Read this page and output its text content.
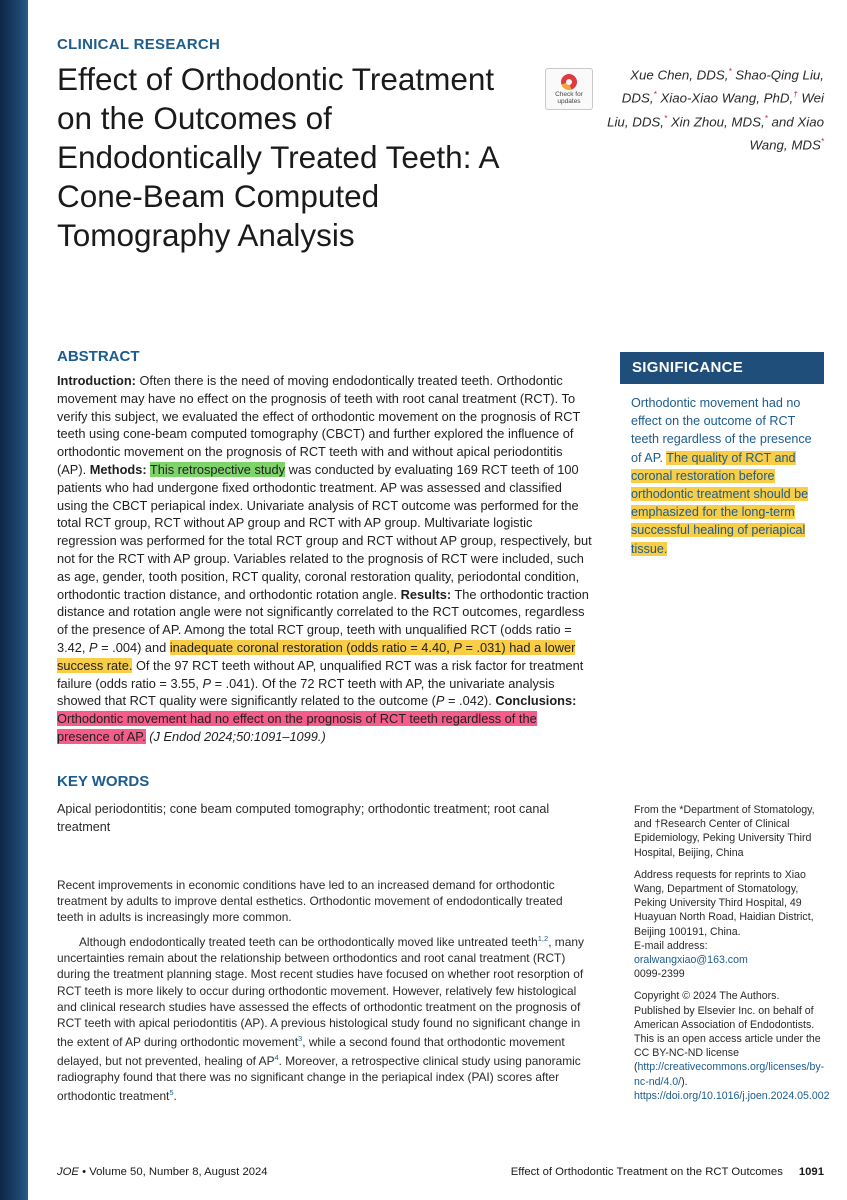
CLINICAL RESEARCH
Effect of Orthodontic Treatment on the Outcomes of Endodontically Treated Teeth: A Cone-Beam Computed Tomography Analysis
Check for
updates
Xue Chen, DDS,* Shao-Qing Liu, DDS,* Xiao-Xiao Wang, PhD,† Wei Liu, DDS,* Xin Zhou, MDS,* and Xiao Wang, MDS*
ABSTRACT

Introduction: Often there is the need of moving endodontically treated teeth. Orthodontic movement may have no effect on the prognosis of teeth with root canal treatment (RCT). To verify this subject, we evaluated the effect of orthodontic movement on the prognosis of RCT teeth using cone-beam computed tomography (CBCT) and further explored the influence of orthodontic movement on the prognosis of RCT teeth with and without apical periodontitis (AP). Methods: This retrospective study was conducted by evaluating 169 RCT teeth of 100 patients who had undergone fixed orthodontic treatment. AP was assessed and classified using the CBCT periapical index. Univariate analysis of RCT outcome was performed for the total RCT group, RCT without AP group and RCT with AP group. Multivariate logistic regression was performed for the total RCT group and RCT without AP group, respectively, but not for the RCT with AP group. Variables related to the prognosis of RCT were included, such as age, gender, tooth position, RCT quality, coronal restoration quality, periodontal condition, orthodontic traction distance, and orthodontic rotation angle. Results: The orthodontic traction distance and rotation angle were not significantly correlated to the RCT outcomes, regardless of the presence of AP. Among the total RCT group, teeth with unqualified RCT (odds ratio = 3.42, P = .004) and inadequate coronal restoration (odds ratio = 4.40, P = .031) had a lower success rate. Of the 97 RCT teeth without AP, unqualified RCT was a risk factor for treatment failure (odds ratio = 3.55, P = .041). Of the 72 RCT teeth with AP, the univariate analysis showed that RCT quality were significantly related to the outcome (P = .042). Conclusions: Orthodontic movement had no effect on the prognosis of RCT teeth regardless of the presence of AP. (J Endod 2024;50:1091–1099.)

SIGNIFICANCE

Orthodontic movement had no effect on the outcome of RCT teeth regardless of the presence of AP. The quality of RCT and coronal restoration before orthodontic treatment should be emphasized for the long-term successful healing of periapical tissue.

KEY WORDS

Apical periodontitis; cone beam computed tomography; orthodontic treatment; root canal treatment

Recent improvements in economic conditions have led to an increased demand for orthodontic treatment by adults to improve dental esthetics. Orthodontic movement of endodontically treated teeth in adults is increasingly more common.

Although endodontically treated teeth can be orthodontically moved like untreated teeth$^{1,2}$, many uncertainties remain about the relationship between orthodontics and root canal treatment (RCT) during the treatment planning stage. Most recent studies have focused on whether root resorption of RCT teeth is more likely to occur during orthodontic movement. However, relatively few histological and clinical research studies have assessed the effects of orthodontic treatment on the prognosis of RCT teeth with apical periodontitis (AP). A previous histological study found no significant change in the extent of AP during orthodontic movement$^3$, while a second found that orthodontic movement delayed, but not prevented, healing of $AP^4$. Moreover, a retrospective clinical study using panoramic radiography found that there was no significant change in the periapical index (PAI) scores after orthodontic treatment$^5$.

From the *Department of Stomatology, and †Research Center of Clinical Epidemiology, Peking University Third Hospital, Beijing, China

Address requests for reprints to Xiao Wang, Department of Stomatology, Peking University Third Hospital, 49 Huayuan North Road, Haidian District, Beijing 100191, China.
E-mail address: oralwangxiao@163.com
0099-2399

Copyright © 2024 The Authors. Published by Elsevier Inc. on behalf of American Association of Endodontists. This is an open access article under the CC BY-NC-ND license (http://creativecommons.org/licenses/by-nc-nd/4.0/).
https://doi.org/10.1016/j.joen.2024.05.002

JOE • Volume 50, Number 8, August 2024	Effect of Orthodontic Treatment on the RCT Outcomes 1091
